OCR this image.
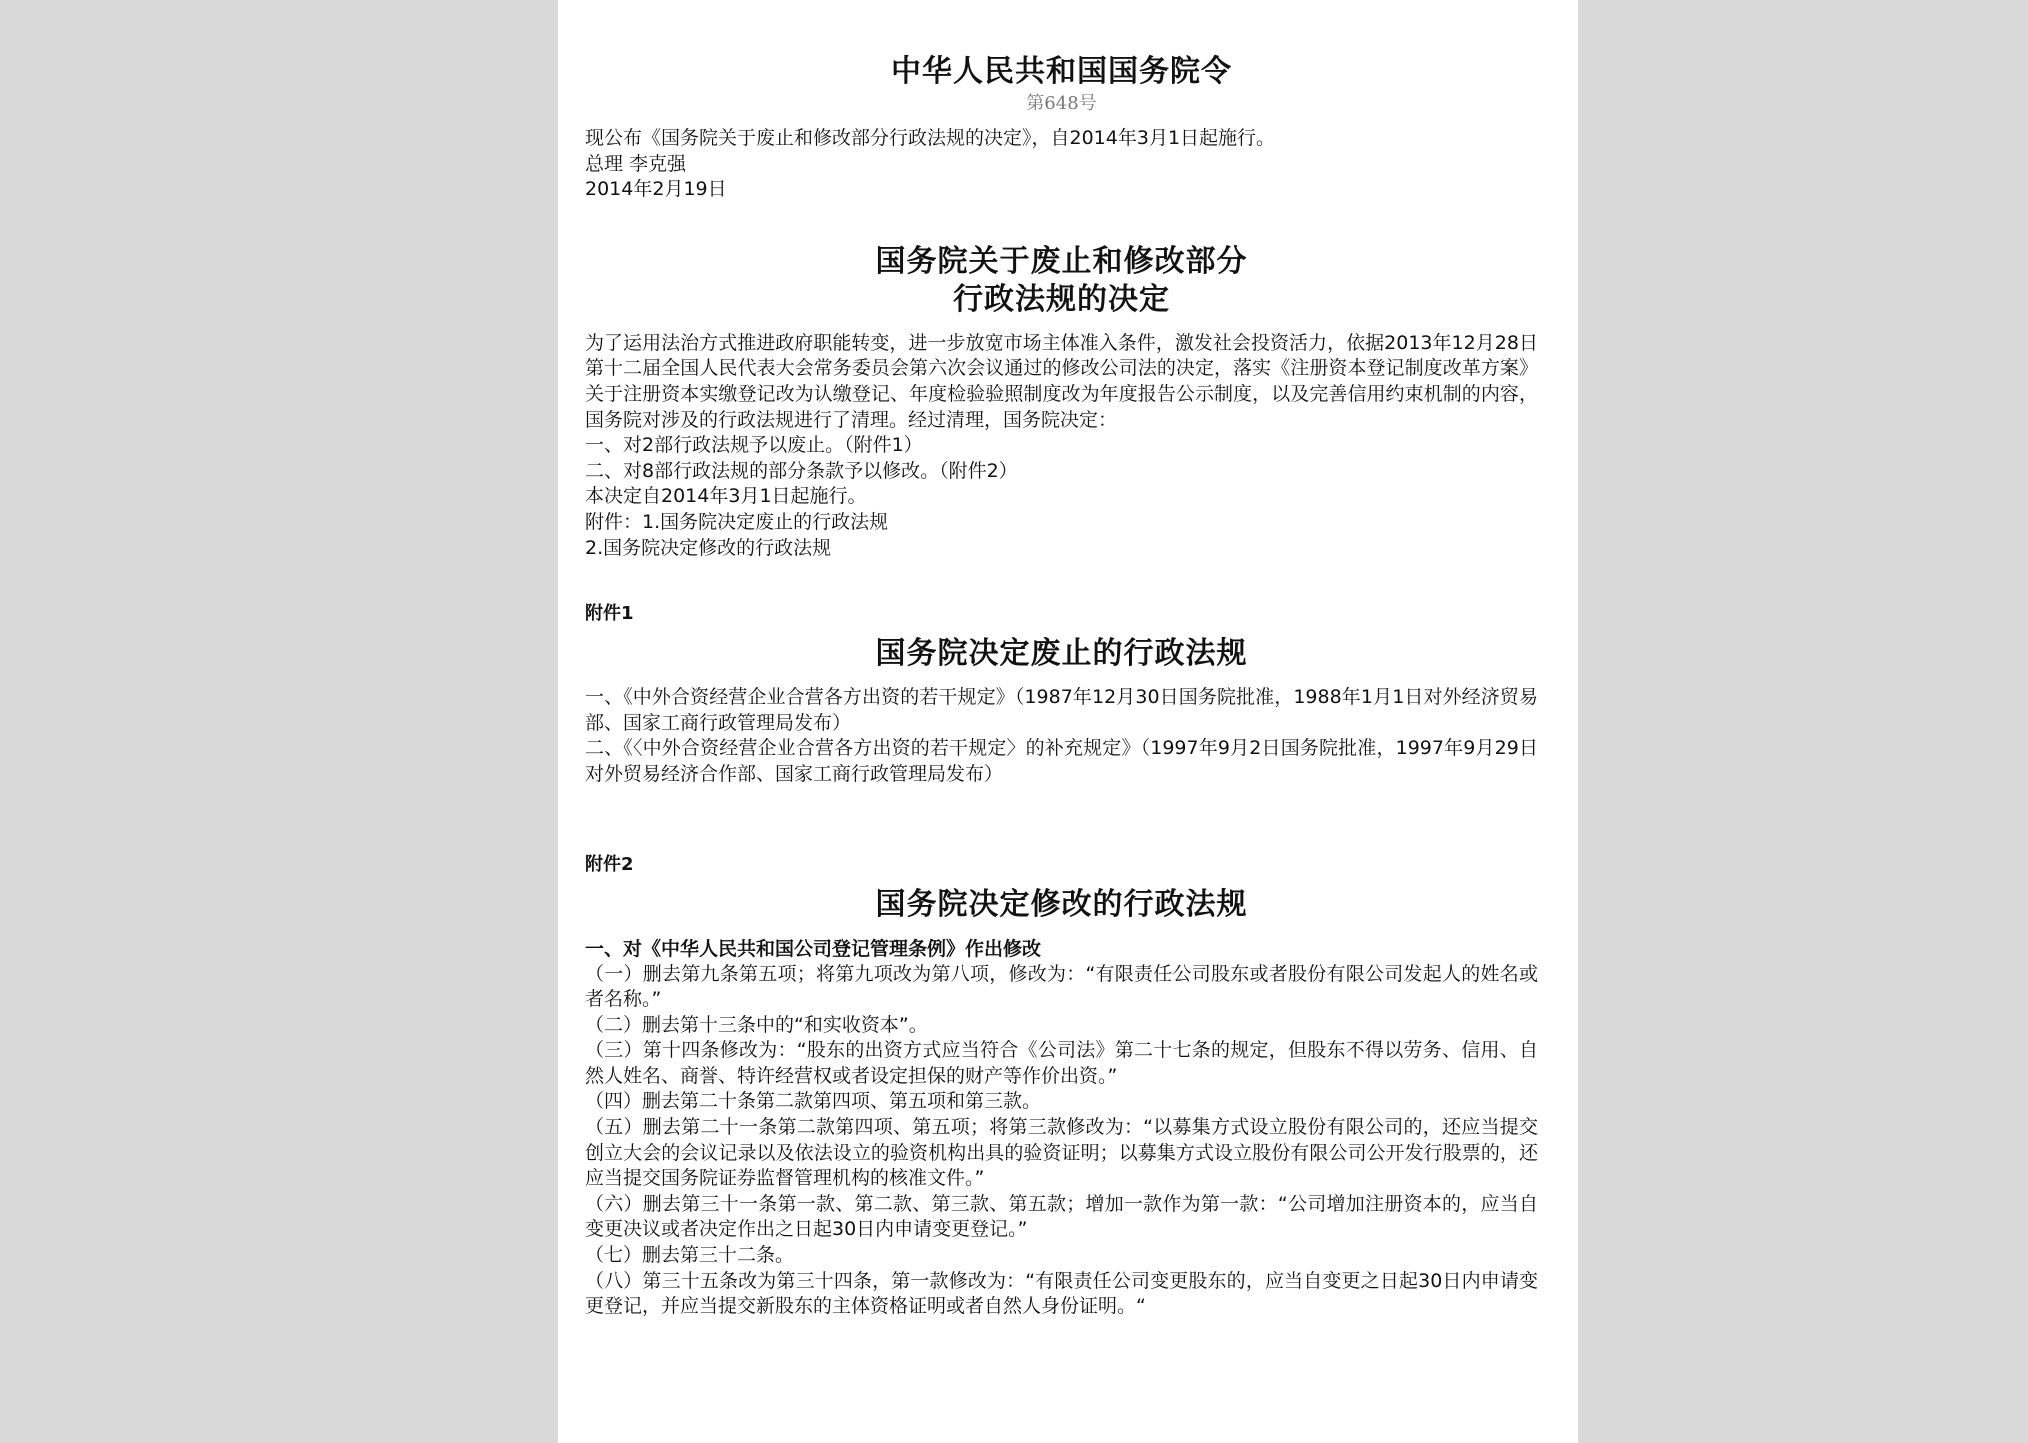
中华人民共和国国务院令

第648号

现公布《国务院关于废止和修改部分行政法规的决定》，自2014年3月1日起施行。

总理 李克强

2014年2月19日

国务院关于废止和修改部分
行政法规的决定

为了运用法治方式推进政府职能转变，进一步放宽市场主体准入条件，激发社会投资活力，依据2013年12月28日第十二届全国人民代表大会常务委员会第六次会议通过的修改公司法的决定，落实《注册资本登记制度改革方案》关于注册资本实缴登记改为认缴登记、年度检验验照制度改为年度报告公示制度，以及完善信用约束机制的内容，国务院对涉及的行政法规进行了清理。经过清理，国务院决定：

一、对2部行政法规予以废止。（附件1）

二、对8部行政法规的部分条款予以修改。（附件2）

本决定自2014年3月1日起施行。

附件：1.国务院决定废止的行政法规

2.国务院决定修改的行政法规

附件1

国务院决定废止的行政法规

一、《中外合资经营企业合营各方出资的若干规定》（1987年12月30日国务院批准，1988年1月1日对外经济贸易部、国家工商行政管理局发布）

二、《〈中外合资经营企业合营各方出资的若干规定〉的补充规定》（1997年9月2日国务院批准，1997年9月29日对外贸易经济合作部、国家工商行政管理局发布）

附件2

国务院决定修改的行政法规

一、对《中华人民共和国公司登记管理条例》作出修改

（一）删去第九条第五项；将第九项改为第八项，修改为：“有限责任公司股东或者股份有限公司发起人的姓名或者名称。”

（二）删去第十三条中的“和实收资本”。

（三）第十四条修改为：“股东的出资方式应当符合《公司法》第二十七条的规定，但股东不得以劳务、信用、自然人姓名、商誉、特许经营权或者设定担保的财产等作价出资。”

（四）删去第二十条第二款第四项、第五项和第三款。

（五）删去第二十一条第二款第四项、第五项；将第三款修改为：“以募集方式设立股份有限公司的，还应当提交创立大会的会议记录以及依法设立的验资机构出具的验资证明；以募集方式设立股份有限公司公开发行股票的，还应当提交国务院证券监督管理机构的核准文件。”

（六）删去第三十一条第一款、第二款、第三款、第五款；增加一款作为第一款：“公司增加注册资本的，应当自变更决议或者决定作出之日起30日内申请变更登记。”

（七）删去第三十二条。

（八）第三十五条改为第三十四条，第一款修改为：“有限责任公司变更股东的，应当自变更之日起30日内申请变更登记，并应当提交新股东的主体资格证明或者自然人身份证明。“
